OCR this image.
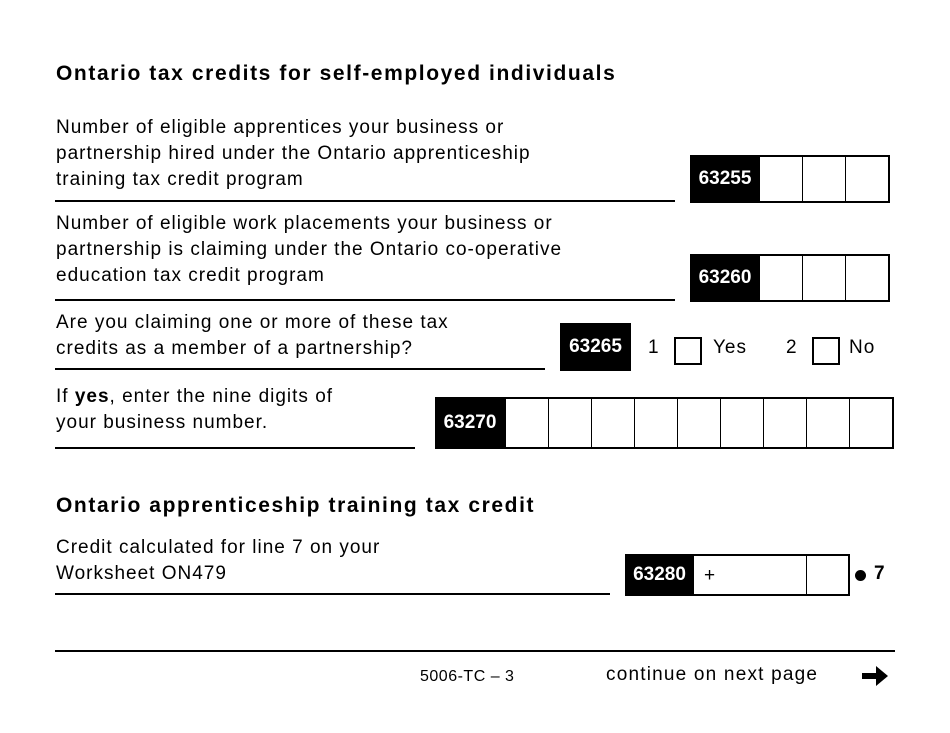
Ontario tax credits for self-employed individuals
Number of eligible apprentices your business or
partnership hired under the Ontario apprenticeship
training tax credit program	63255
Number of eligible work placements your business or
partnership is claiming under the Ontario co-operative
education tax credit program	63260
Are you claiming one or more of these tax
credits as a member of a partnership?	63265	1	Yes 2	No
If yes, enter the nine digits of
your business number.	63270
Ontario apprenticeship training tax credit
Credit calculated for line 7 on your
Worksheet ON479	63280 +	7
5006-TC – 3	continue on next page
